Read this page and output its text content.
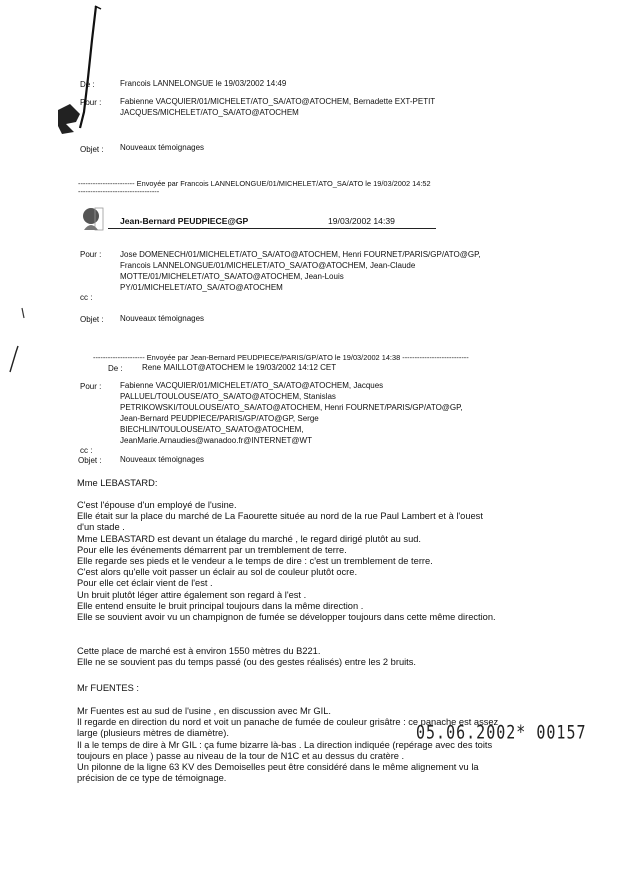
De :	Francois LANNELONGUE le 19/03/2002 14:49
Pour : Fabienne VACQUIER/01/MICHELET/ATO_SA/ATO@ATOCHEM, Bernadette EXT-PETIT
JACQUES/MICHELET/ATO_SA/ATO@ATOCHEM
Objet : Nouveaux témoignages
----------------------- Envoyée par Francois LANNELONGUE/01/MICHELET/ATO_SA/ATO le 19/03/2002 14:52
---------------------------------
Jean-Bernard PEUDPIECE@GP	19/03/2002 14:39
Pour : Jose DOMENECH/01/MICHELET/ATO_SA/ATO@ATOCHEM, Henri FOURNET/PARIS/GP/ATO@GP,
Francois LANNELONGUE/01/MICHELET/ATO_SA/ATO@ATOCHEM, Jean-Claude
MOTTE/01/MICHELET/ATO_SA/ATO@ATOCHEM, Jean-Louis
PY/01/MICHELET/ATO_SA/ATO@ATOCHEM
cc :
Objet : Nouveaux témoignages
--------------------- Envoyée par Jean-Bernard PEUDPIECE/PARIS/GP/ATO le 19/03/2002 14:38 ---------------------------
De : Rene MAILLOT@ATOCHEM le 19/03/2002 14:12 CET
Pour : Fabienne VACQUIER/01/MICHELET/ATO_SA/ATO@ATOCHEM, Jacques
PALLUEL/TOULOUSE/ATO_SA/ATO@ATOCHEM, Stanislas
PETRIKOWSKI/TOULOUSE/ATO_SA/ATO@ATOCHEM, Henri FOURNET/PARIS/GP/ATO@GP,
Jean-Bernard PEUDPIECE/PARIS/GP/ATO@GP, Serge
BIECHLIN/TOULOUSE/ATO_SA/ATO@ATOCHEM,
JeanMarie.Arnaudies@wanadoo.fr@INTERNET@WT
cc :
Objet : Nouveaux témoignages
Mme LEBASTARD:
C'est l'épouse d'un employé de l'usine.
Elle était sur la place du marché de La Faourette située au nord de la rue Paul Lambert et à l'ouest
d'un stade .
Mme LEBASTARD est devant un étalage du marché , le regard dirigé plutôt au sud.
Pour elle les événements démarrent par un tremblement de terre.
Elle regarde ses pieds et le vendeur a le temps de dire : c'est un tremblement de terre.
C'est alors qu'elle voit passer un éclair au sol de couleur plutôt ocre.
Pour elle cet éclair vient de l'est .
Un bruit plutôt léger attire également son regard à l'est .
Elle entend ensuite le bruit principal toujours dans la même direction .
Elle se souvient avoir vu un champignon de fumée se développer toujours dans cette même direction.
Cette place de marché est à environ 1550 mètres du B221.
Elle ne se souvient pas du temps passé (ou des gestes réalisés) entre les 2 bruits.
Mr FUENTES :
Mr Fuentes est au sud de l'usine , en discussion avec Mr GIL.
Il regarde en direction du nord et voit un panache de fumée de couleur grisâtre : ce panache est assez
large (plusieurs mètres de diamètre).
Il a le temps de dire à Mr GIL : ça fume bizarre là-bas . La direction indiquée (repérage avec des toits
toujours en place ) passe au niveau de la tour de N1C et au dessus du cratère .
Un pilonne de la ligne 63 KV des Demoiselles peut être considéré dans le même alignement vu la
précision de ce type de témoignage.
05.06.2002* 00157
